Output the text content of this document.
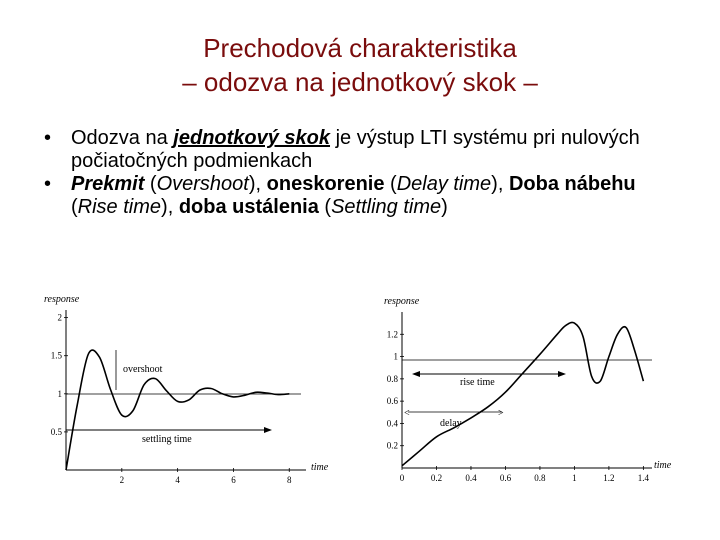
Prechodová charakteristika
– odozva na jednotkový skok –
• Odozva na jednotkový skok je výstup LTI systému pri nulových počiatočných podmienkach
• Prekmit (Overshoot), oneskorenie (Delay time), Doba nábehu (Rise time), doba ustálenia (Settling time)
response
time
0.5
1
1.5
2
2	4	6	8
overshoot
settling time
response
time
0.2
0.4
0.6
0.8
1
1.2
0	0.2	0.4	0.6	0.8	1	1.2	1.4
rise time
<	>
delay
